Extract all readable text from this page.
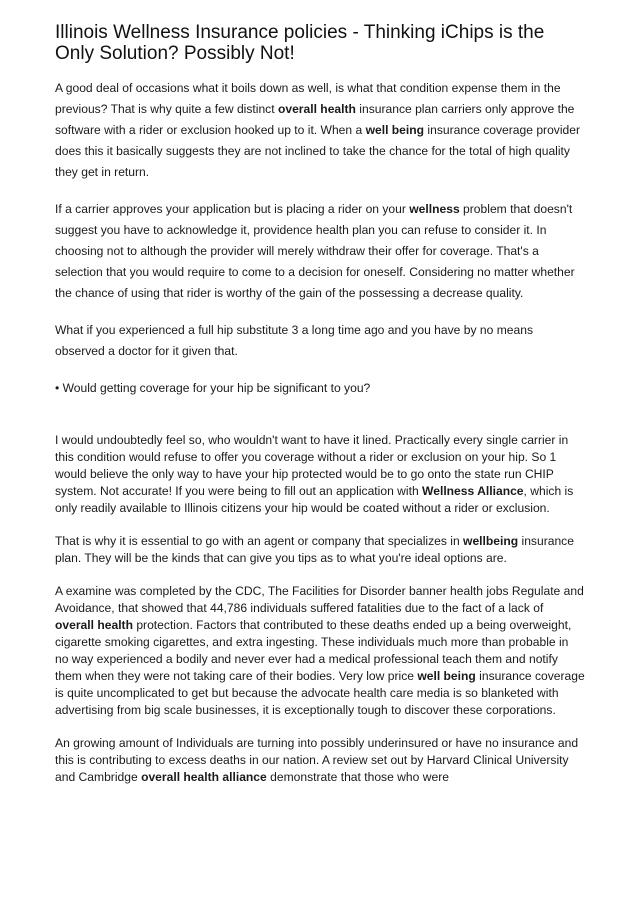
Illinois Wellness Insurance policies - Thinking iChips is the Only Solution? Possibly Not!

A good deal of occasions what it boils down as well, is what that condition expense them in the previous? That is why quite a few distinct overall health insurance plan carriers only approve the software with a rider or exclusion hooked up to it. When a well being insurance coverage provider does this it basically suggests they are not inclined to take the chance for the total of high quality they get in return.

If a carrier approves your application but is placing a rider on your wellness problem that doesn't suggest you have to acknowledge it, providence health plan you can refuse to consider it. In choosing not to although the provider will merely withdraw their offer for coverage. That's a selection that you would require to come to a decision for oneself. Considering no matter whether the chance of using that rider is worthy of the gain of the possessing a decrease quality.

What if you experienced a full hip substitute 3 a long time ago and you have by no means observed a doctor for it given that.

• Would getting coverage for your hip be significant to you?

I would undoubtedly feel so, who wouldn't want to have it lined. Practically every single carrier in this condition would refuse to offer you coverage without a rider or exclusion on your hip. So 1 would believe the only way to have your hip protected would be to go onto the state run CHIP system. Not accurate! If you were being to fill out an application with Wellness Alliance, which is only readily available to Illinois citizens your hip would be coated without a rider or exclusion.

That is why it is essential to go with an agent or company that specializes in wellbeing insurance plan. They will be the kinds that can give you tips as to what you're ideal options are.

A examine was completed by the CDC, The Facilities for Disorder banner health jobs Regulate and Avoidance, that showed that 44,786 individuals suffered fatalities due to the fact of a lack of overall health protection. Factors that contributed to these deaths ended up a being overweight, cigarette smoking cigarettes, and extra ingesting. These individuals much more than probable in no way experienced a bodily and never ever had a medical professional teach them and notify them when they were not taking care of their bodies. Very low price well being insurance coverage is quite uncomplicated to get but because the advocate health care media is so blanketed with advertising from big scale businesses, it is exceptionally tough to discover these corporations.

An growing amount of Individuals are turning into possibly underinsured or have no insurance and this is contributing to excess deaths in our nation. A review set out by Harvard Clinical University and Cambridge overall health alliance demonstrate that those who were
